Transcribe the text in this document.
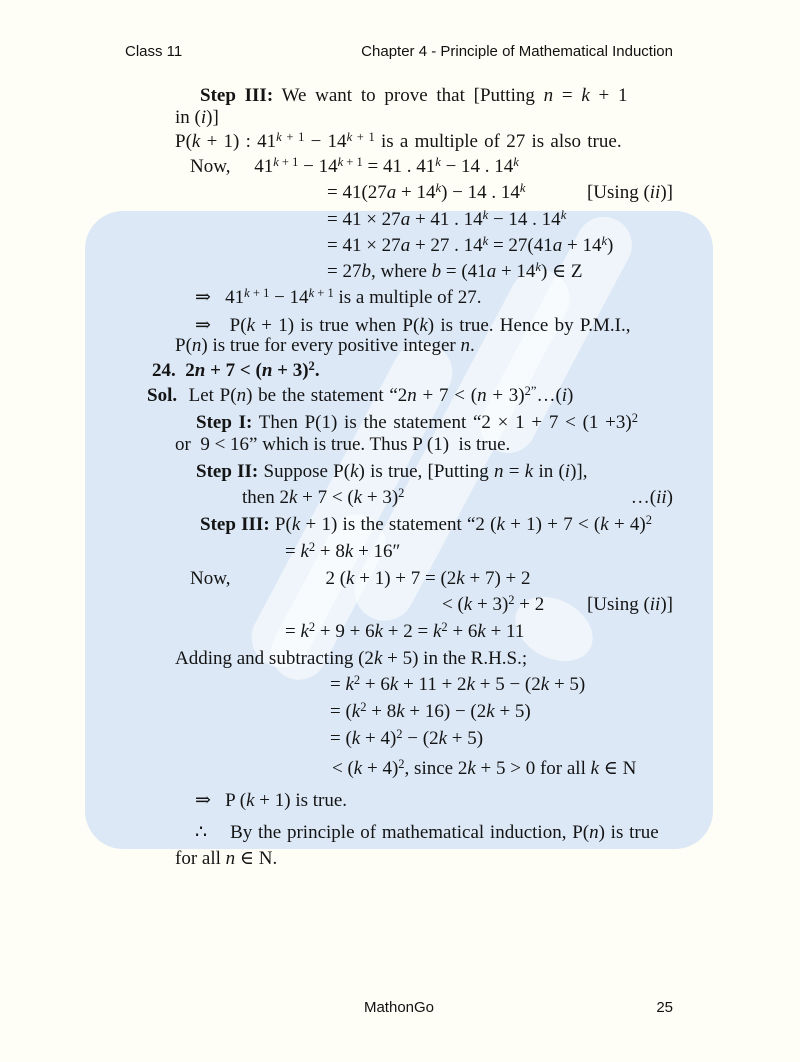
Class 11	Chapter 4 - Principle of Mathematical Induction
Step III: We want to prove that [Putting n = k + 1
in (i)]
P(k + 1) : $41^{k + 1} - 14^{k + 1}$ is a multiple of 27 is also true.
Now,     $41^{k + 1} - 14^{k + 1} = 41$ . $41^k - 14$ . $14^k$
= $41(27a + 14^k) - 14$ . 14$^k$	[Using (ii)]
= 41 × 27a + 41 . $14^k - 14$ . $14^k$
= 41 × 27a + 27 . $14^k = 27(41a + 14^k)$
= 27b, where $b = (41a + 14^k)$ ∈ Z
⇒   $41^{k + 1} - 14^{k + 1}$ is a multiple of 27.
⇒   P(k + 1) is true when P(k) is true. Hence by P.M.I.,
P(n) is true for every positive integer n.
24. $2n + 7 < (n + 3)^2$.
Sol.  Let P(n) be the statement “$2n + 7 < (n + 3)^{2”}\dots(i)$
Step I: Then P(1) is the statement “$2 \times 1 + 7 < (1 +3)^2$
or  9 < 16” which is true. Thus P (1)  is true.
Step II: Suppose P(k) is true, [Putting n = k in (i)],
then $2k + 7 < (k + 3)^2$	…(ii)
Step III: P(k + 1) is the statement “2 $(k + 1) + 7 < (k + 4)^2$
= $k^2 + 8k + 16''$
Now,                    2 (k + 1) + 7 = (2k + 7) + 2
< $(k + 3)^2 + 2$ [Using (ii)]
= $k^2 + 9 + 6k + 2 = k^2 + 6k + 11$
Adding and subtracting (2k + 5) in the R.H.S.;
= $k^2 + 6k + 11 + 2k + 5 - (2k + 5)$
= $(k^2 + 8k + 16) - (2k + 5)$
= $(k + 4)^2 - (2k + 5)$
< $(k + 4)^2$, since 2k + 5 > 0 for all k ∈ N
⇒   P (k + 1) is true.
∴    By the principle of mathematical induction, P(n) is true
for all n ∈ N.
MathonGo	25
